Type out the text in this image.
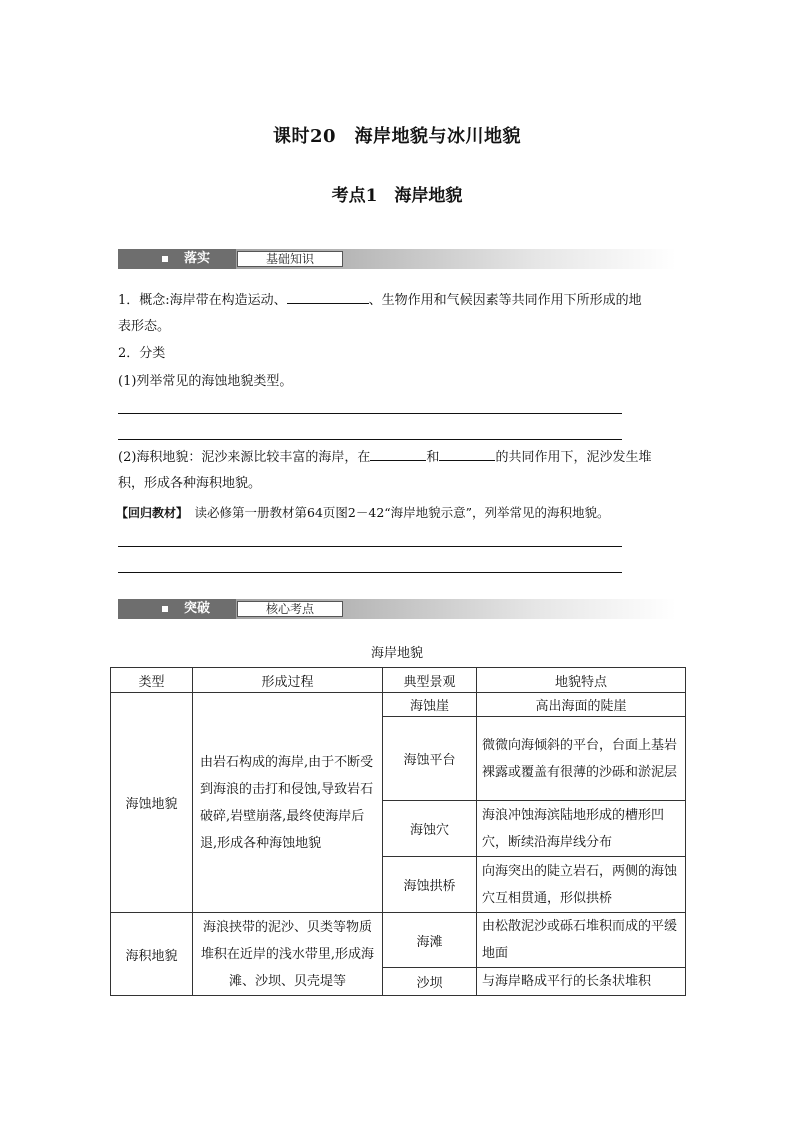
课时20　海岸地貌与冰川地貌
考点1　海岸地貌
落实	基础知识
1．概念:海岸带在构造运动、	、生物作用和气候因素等共同作用下所形成的地
表形态。
2．分类
(1)列举常见的海蚀地貌类型。
(2)海积地貌：泥沙来源比较丰富的海岸，在	和	的共同作用下，泥沙发生堆
积，形成各种海积地貌。
【回归教材】　读必修第一册教材第64页图2－42“海岸地貌示意”，列举常见的海积地貌。
突破	核心考点
海岸地貌
类型	形成过程	典型景观	地貌特点
海蚀地貌	由岩石构成的海岸,由于不断受到海浪的击打和侵蚀,导致岩石破碎,岩壁崩落,最终使海岸后退,形成各种海蚀地貌	海蚀崖	高出海面的陡崖
		海蚀平台	微微向海倾斜的平台，台面上基岩裸露或覆盖有很薄的沙砾和淤泥层
		海蚀穴	海浪冲蚀海滨陆地形成的槽形凹穴，断续沿海岸线分布
		海蚀拱桥	向海突出的陡立岩石，两侧的海蚀穴互相贯通，形似拱桥
海积地貌	海浪挟带的泥沙、贝类等物质堆积在近岸的浅水带里,形成海滩、沙坝、贝壳堤等	海滩	由松散泥沙或砾石堆积而成的平缓地面
		沙坝	与海岸略成平行的长条状堆积
